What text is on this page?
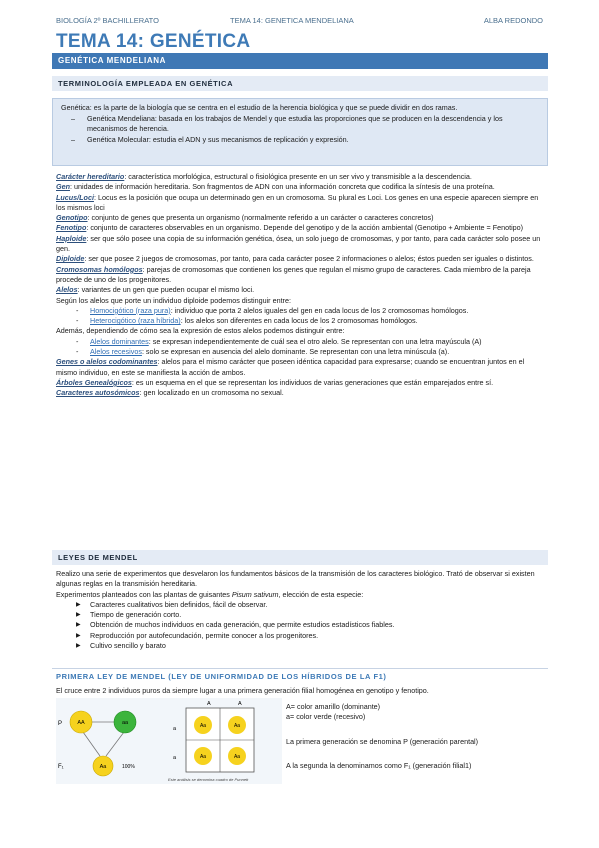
BIOLOGÍA 2º BACHILLERATO	TEMA 14: GENETICA MENDELIANA	ALBA REDONDO
TEMA 14: GENÉTICA
GENÉTICA MENDELIANA
TERMINOLOGÍA EMPLEADA EN GENÉTICA
Genética: es la parte de la biología que se centra en el estudio de la herencia biológica y que se puede dividir en dos ramas.
– Genética Mendeliana: basada en los trabajos de Mendel y que estudia las proporciones que se producen en la descendencia y los mecanismos de herencia.
– Genética Molecular: estudia el ADN y sus mecanismos de replicación y expresión.

Carácter hereditario: característica morfológica, estructural o fisiológica presente en un ser vivo y transmisible a la descendencia.

Gen: unidades de información hereditaria. Son fragmentos de ADN con una información concreta que codifica la síntesis de una proteína.

Lucus/Loci: Locus es la posición que ocupa un determinado gen en un cromosoma. Su plural es Loci. Los genes en una especie aparecen siempre en los mismos loci

Genotipo: conjunto de genes que presenta un organismo (normalmente referido a un carácter o caracteres concretos)

Fenotipo: conjunto de caracteres observables en un organismo. Depende del genotipo y de la acción ambiental (Genotipo + Ambiente = Fenotipo)

Haploide: ser que sólo posee una copia de su información genética, ósea, un solo juego de cromosomas, y por tanto, para cada carácter solo posee un gen.

Diploide: ser que posee 2 juegos de cromosomas, por tanto, para cada carácter posee 2 informaciones o alelos; éstos pueden ser iguales o distintos.

Cromosomas homólogos: parejas de cromosomas que contienen los genes que regulan el mismo grupo de caracteres. Cada miembro de la pareja procede de uno de los progenitores.

Alelos: variantes de un gen que pueden ocupar el mismo loci.

Según los alelos que porte un individuo diploide podemos distinguir entre:

- Homocigótico (raza pura): individuo que porta 2 alelos iguales del gen en cada locus de los 2 cromosomas homólogos.

- Heterocigótico (raza híbrida): los alelos son diferentes en cada locus de los 2 cromosomas homólogos.

Además, dependiendo de cómo sea la expresión de estos alelos podemos distinguir entre:

- Alelos dominantes: se expresan independientemente de cuál sea el otro alelo. Se representan con una letra mayúscula (A)

- Alelos recesivos: solo se expresan en ausencia del alelo dominante. Se representan con una letra minúscula (a).

Genes o alelos codominantes: alelos para el mismo carácter que poseen idéntica capacidad para expresarse; cuando se encuentran juntos en el mismo individuo, en este se manifiesta la acción de ambos.

Árboles Genealógicos: es un esquema en el que se representan los individuos de varias generaciones que están emparejados entre sí.

Caracteres autosómicos: gen localizado en un cromosoma no sexual.

LEYES DE MENDEL

Realizo una serie de experimentos que desvelaron los fundamentos básicos de la transmisión de los caracteres biológico. Trató de observar si existen algunas reglas en la transmisión hereditaria.

Experimentos planteados con las plantas de guisantes Pisum sativum, elección de esta especie:

▶ Caracteres cualitativos bien definidos, fácil de observar.

▶ Tiempo de generación corto.

▶ Obtención de muchos individuos en cada generación, que permite estudios estadísticos fiables.

▶ Reproducción por autofecundación, permite conocer a los progenitores.

▶ Cultivo sencillo y barato

PRIMERA LEY DE MENDEL (LEY DE UNIFORMIDAD DE LOS HÍBRIDOS DE LA F1)
El cruce entre 2 individuos puros da siempre lugar a una primera generación filial homogénea en genotipo y fenotipo.
P
F₁
AA	aa
Aa	100%
A	A
a
a
Aa	Aa
Aa	Aa
Este análisis se denomina cuadro de Punnett

A= color amarillo (dominante)

a= color verde (recesivo)

La primera generación se denomina P (generación parental)
A la segunda la denominamos como F₁ (generación filial1)
